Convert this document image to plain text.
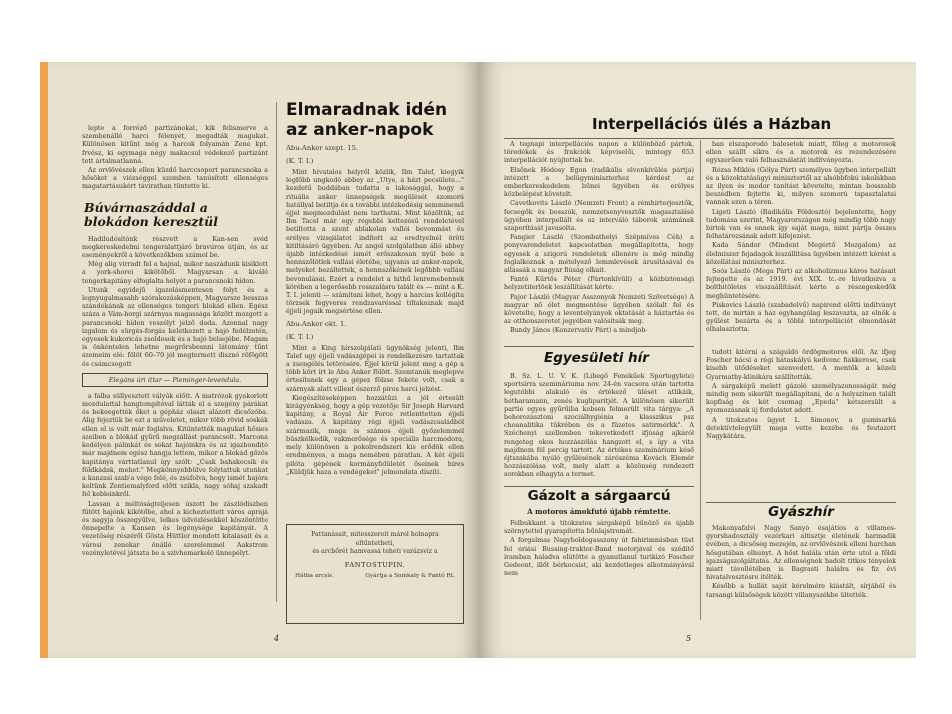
lepte a forróző partizánokat, kik felismerve a szembenálló harci félenyét, megadták magukat. Különösen kitűnt még a harcok folyamán Zene kpt. frvész, ki egymaga négy makacsul védekező partizánt tett ártalmatlanná.

Az orvlövészek ellen küzdő harccsoport parancsnoka a hősöket a viézséggel szemben tanúsított ellenséges magatartásukért távirathan tüntette ki.

Búvárnaszáddal a blokádon keresztül

Hadiludósítónk részvett a Kan-sen svéd megkereskedelmi tengeralattjáró bravúros útján, és az eseményekről a következőkben számol be.

Még alig virradt fel a hajnal, mikor naszádunk kisiklott a york-shorei kikötőből. Magyarsan a kiváló tengerkapitány elfoglalta helyét a parancsnoki hídon.

Utunk egyidejű igazolásmentesen folyt és a legnyugalmasabb szórakozásképpen, Magyarsze besszas szándékának az ellenséges tengeri blokád ellen. Egész száza a Vám-borgi szárnyas magassága között mozgott a parancsnoki hídon veszélyt jelző doda. Azonnal nagy izgalom és sürgés-forgás keletkezett a hajó fedélzetén, egyesek kukoricás zsoldosok és a hajó belsejébe. Magam is önkéntelen lehetne megrőrsbesnni látomány tűnt szemeim elé: fölöt 60–70 jól megtermett disznó röfögött és csámcsogott

Elegáns úri ittar — Pieminger-levendula.

a falba süllyesztett vályúk előtt. A matrózok gyakorlott mozdulattal hangtompítóval látták el a szegény párákat és bekeegették őket a gépház olaszt alázott dicsőzóba. Alig fejeztük be ezt a műveletet, mikor több rövid sóskák ellen el is volt már foglalva. Kitüntették magukat hősies szeiben a blokád gyűrű megzállást parancsolt. Marcona kedélyen pálinkát és sokat hajóinkra és az igazbonditó már majdnem egész hangja lettem, mikor a blokád gőzös kapitánya várttatlanul így szólt: „Csak bahakocsik és földkádak, mehet." Megkönnyebbülve folytattuk utunkat a kanzasi szab'a vége felé, és zsúfolva, hogy ismét hajóra keltünk Zentiemalyford előtt szikla, nagy sóhaj szakadt fel kebleinkről.

Lassan a méltóságteljesen úszott be zászlódíszben fűtött hajónk kikötőbe, ahol a kicheztettett város aprajá és nagyja összegyűlve, lelkes üdvözlésekkel köszöntötte őnnepelte a Kansen és legénysége kapitányát. A vezetőség részéről Gösta Hüttler mondott kitalásait és a városi zenekar önálló szerelemmel Aakstrom vezényletével játszta be a szivhemarkoló ünnepélyt.

Elmaradnak idén az anker-napok
Abu-Anker szept. 15.
(K. T. I.)

Mint hivatalos helyről közlik, Ibn Talef, kiegyik legfőbb ungkodó abbey az „Utye, a házt pecsülete..." kezdetű buddában tudatta a lakosággal, hogy a rituális anker ünnepségek megülését szomorú hatállyal betiltja és a további intézkedésig semminemű éjjel megmozdulást nem tarthatni. Mint közöltük, az Ibn Tacel már egy régebbi keltezésű rendeletével betiltotta a szent ablakolan vallói bevonmást és erélyes vizsgálatot indított az eredtyelnél öröti kitiltásáró ügyében. Az angol szolgálatban álló abbey újabb intézkedésé ismét erőszakosan nyúl bele a hennszőlötlek vallási életébe, ugyanis az anker-napok, melyeket bezáltettek, a hennszőkének legőbbb vallási bevonulásai. Ezért a rendelet a hithű lenremebennek körében a legerősebb rosszalásra talált és — mint a K. T. I. jelenti — számítani lehet, hogy a harcias kollégita törzsek fegyveres rendzavaréssal tiltakoznak majd éjjeli jogaik megsértése ellen.

Abu-Anker okt. 1.
(K. T. I.)

Mint a King hírszolgálati ügynökség jelenti, Ibn Talef ugy éjjeli vadászgépei is rendelkezésre tartattak a zsengélés letörésére. Éjjel körül jelent meg a gép a több kört írt le Abu Anker fölött. Szemtanúk meglepve értesítenek egy a gépez fölzse fekete volt, csak a szárnyak alatt villent észerző piros harci jelzést.

Kiegészítéseképpen hozzátűzi a jól értesült kirágyénkség, hogy a gép vezetője Sir Joseph Harvard kapitány, a Royal Air Force retlenttetten éjjeli vadásza. A kapitány régi éjjeli vadászcsaládból származik, maga is számos éjjeli győzelemmel büszkélkedik, vakmerősége és speciális harcmodora, mely különösen a pokolrendszeri kis erődök ellen eredményes, a maga nemében páratlan. A két éjjeli pilóta gépének kormányfelületét őseinek híres „Küldjük haza a vendégeket" jelmondata díszíti.

Pattanásait, mitesszereit márol holnapra eltűntetheti,
és arcbőrét hamvassá teheti varázsvíz a
FANTOSTUPIN.
Hátba arcsis.	Gyártja a Somkaly & Fantó Rt.
4
Interpellációs ülés a Házban

A tegnapi interpellációs napon a különböző pártok, töredékek és frakciók képviselői, mintegy 653 interpellációt nyújtottak be.

Elsőnek Hódosy Egon (radikális elvenkívülés pártja) intézett a belügyminiszterhez kérdést az emberkereskedelem bűnei ügyében és erélyes közbelépést követelt.

Cavetkovits László (Nemzeti Front) a rémhírterjesztők, fecsegők és bosszúk, nemzetsenyvesztők magasztalásé ügyében interpellált és az interváló táborok számának szaporítását javasolta.

Fangier László (Szombathelyi Szépmíves Céh) a ponyvarendeletet kapcsolatban megállapította, hogy egyesek a szigorú rendeletek ellenére is még mindig foglalkoznak a mételyező lemmlevések árusításával és allássák a magyar fiúság olkait.

Fantó Kűrtős Péter (Pártonkívüli) a közbiztonsági helyzetiterlöek leszállítását kérte.

Pajor László (Magyar Asszonyok Nemzeti Szövetsége) A magyar nő élet megmentése ügyében szólalt fel és követelte, hogy a leventelyányok oktatását a háztartás és az otthonszeretet jegyében valósítsák meg.

Bundy János (Konzervatív Párt) a mindjob-

ban elszaporodó balesetek miatt, főleg a motorosok ellen szállt síkra és a motorok és rezendezésére egyszerűen való felhasználatát indítványozta.

Rózsa Miklós (Gólya Párt) személyes ügyben interpellált és a közoktatásügyi minisztertől az alsóbbfokú iskolákban az ilyen és modor tanítást követelte, mintan bosszabb beszédben fejtette ki, milyen szomorú tapasztalatai vannak ezen a téren.

Ligeti László (Radikális Földosztó) bejelentette, hogy tudomása szerint, Magyarországon még mindig több nagy birtok van és ennek így saját maga, mint pártja összes felhatározsának adott kifejezést.

Kada Sándor (Mindent Megértő Mozgalom) az élelmiszer fejadagok leszállítása ügyében intézett kérést a közellátási miniszterhez.

Soós László (Mega Párt) az alkoholizmus káros hatásait fejtegette és az 1919. évi XIX. tc.-re hivatkozva a bolthitöletes visszaállítását kérte a részegeskedők meghüntetésére.

Piskovics László (szabadelvű) napirend előtti indítványt tett, de mirtán a ház egyhangúlag leszavazta, az elnök a gyűlést bezárta és a többi interpellációt elmondását elhalasztotta.

Egyesületi hír

B. Sz. L. U. V. K. (Libegő Fenekűek Sportegylete) sportsirra szemináriuma nov. 24-én vacsora után tartotta legutóbbi alakuló és értékező ülését atlikáik, hétharamann, zenés kugliparitjét. A különösen sikerült partie egyes gyűrűiba kobsen felmerült vita tárgya: „A behorozásztoni szociálhygiénia a klasszikus psz choanalitika tükrében és a füzetes satirmérkk". A Széchenyi szellemben tekevetkedett ifjúság ajkáról rengeteg okos hozzászólás hangzott el, s így a vita majdnem fél percig tartott. Az értékes szeminárium késő éjtszakába nyúló gyűlésének zárószéma Kovách Elemér hozzászólása volt, mely alatt a közönség rendezett sorokban elhagyta a termet.

Gázolt a sárgaarcú
A motoros ámokfutó újabb rémtette.

Felbukkant a titokzatos sárgaképű bűnöző és újabb szörnytettel gyarapította bűnlajstromát.

A forgalmas Nagyboldogasszony út fahirimnásban tüst fel óriási Bussing-traktor-Band motorjával és szédítő iramban haladva elütötte a gyanutlanul turikizó Foscher Gedeont, illőt bérkocsist, aki kezdetleges alkotmányával nem

tudott kitérni a száguldó ördögmotoros elől. Az ifjeg Foscher bácsi a régi hátaskályú kedvenc fiakkerese, csak kisebb ütődéseket szenvedett. A mentők a közeli Gyarmathy-klinikára szállították.

A sárgaképű melett gázoló személyazonosságát még mindig nem sikerült megállapítani, de a helyszínen talált kopfiság és két csomag „Epeda" kétszersült a nyomozásnak új fordulatot adott.

A titokzatos ügyet L. Simonov, a gumisarká detektívtelegyült maga vette kezébe és feutazott Nagykátára.

Gyászhír

Makonyafalvi Nagy Sanyó ésajátíos a villamos-gyorshadosztály vezérkari altisztje életének harmadik évében, a dicsőség mezején, az orvlövészek elleni harchan hősgutában elhunyt. A hőst halála után érte utol a főldi igazságszolgáltatás. Az ellenségnek hadolt titkos tényelek miatt távollétében is Bagrasti halálra és fiz évi hivatalvesztésre ítélték.

Később a hullát saját kérelmére kiástált, sírjából és tarsangi külsőségek között villanyszékbe ültették.

5
